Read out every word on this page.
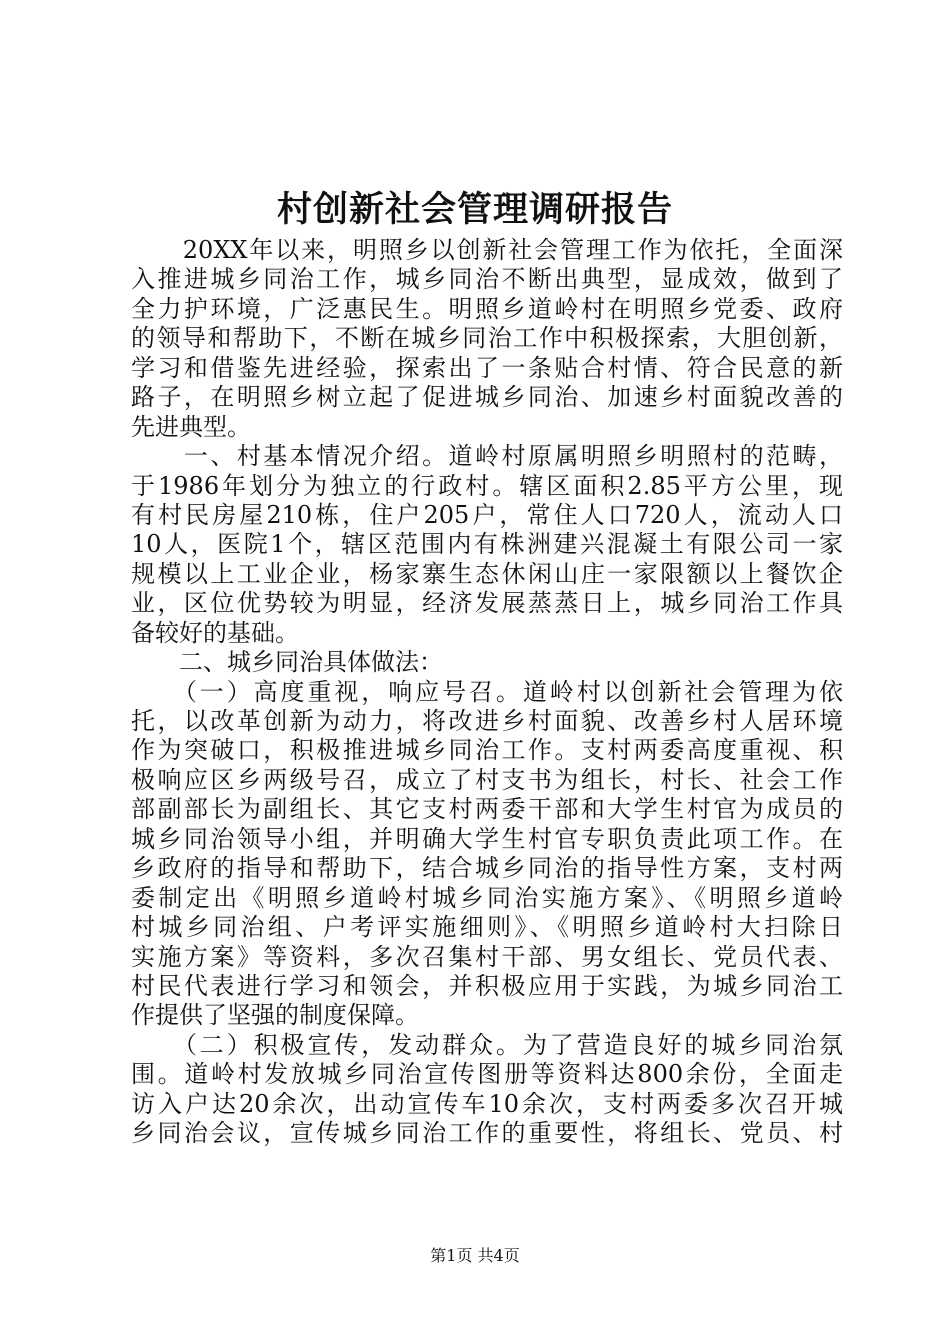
村创新社会管理调研报告
　　20XX年以来，明照乡以创新社会管理工作为依托，全面深
入推进城乡同治工作，城乡同治不断出典型，显成效，做到了
全力护环境，广泛惠民生。明照乡道岭村在明照乡党委、政府
的领导和帮助下，不断在城乡同治工作中积极探索，大胆创新，
学习和借鉴先进经验，探索出了一条贴合村情、符合民意的新
路子，在明照乡树立起了促进城乡同治、加速乡村面貌改善的
先进典型。
　　一、村基本情况介绍。道岭村原属明照乡明照村的范畴，
于1986年划分为独立的行政村。辖区面积2.85平方公里，现
有村民房屋210栋，住户205户，常住人口720人，流动人口
10人，医院1个，辖区范围内有株洲建兴混凝土有限公司一家
规模以上工业企业，杨家寨生态休闲山庄一家限额以上餐饮企
业，区位优势较为明显，经济发展蒸蒸日上，城乡同治工作具
备较好的基础。
　　二、城乡同治具体做法：
　　（一）高度重视，响应号召。道岭村以创新社会管理为依
托，以改革创新为动力，将改进乡村面貌、改善乡村人居环境
作为突破口，积极推进城乡同治工作。支村两委高度重视、积
极响应区乡两级号召，成立了村支书为组长，村长、社会工作
部副部长为副组长、其它支村两委干部和大学生村官为成员的
城乡同治领导小组，并明确大学生村官专职负责此项工作。在
乡政府的指导和帮助下，结合城乡同治的指导性方案，支村两
委制定出《明照乡道岭村城乡同治实施方案》、《明照乡道岭
村城乡同治组、户考评实施细则》、《明照乡道岭村大扫除日
实施方案》等资料，多次召集村干部、男女组长、党员代表、
村民代表进行学习和领会，并积极应用于实践，为城乡同治工
作提供了坚强的制度保障。
　　（二）积极宣传，发动群众。为了营造良好的城乡同治氛
围。道岭村发放城乡同治宣传图册等资料达800余份，全面走
访入户达20余次，出动宣传车10余次，支村两委多次召开城
乡同治会议，宣传城乡同治工作的重要性，将组长、党员、村
第1页 共4页
